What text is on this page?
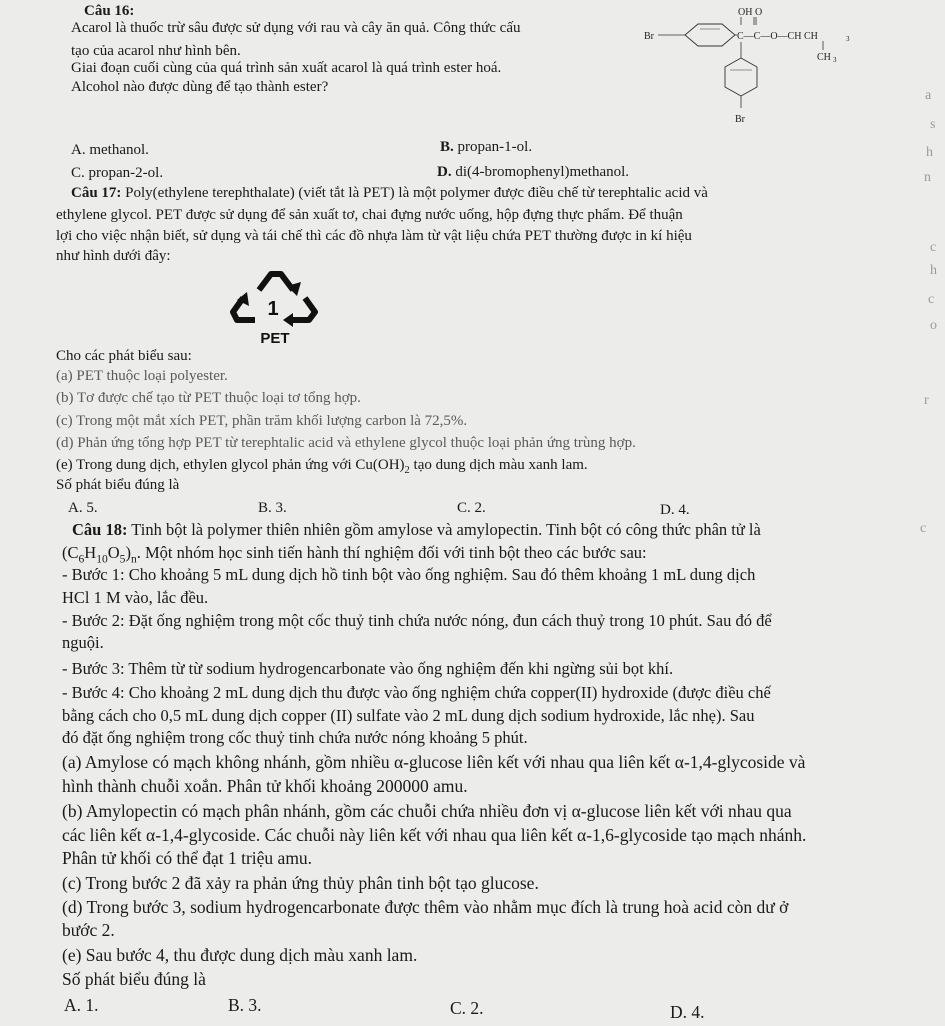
Câu 16:
Acarol là thuốc trừ sâu được sử dụng với rau và cây ăn quả. Công thức cấu
tạo của acarol như hình bên.
Giai đoạn cuối cùng của quá trình sản xuất acarol là quá trình ester hoá.
Alcohol nào được dùng để tạo thành ester?
OH O
Br	C—C—O—CH CH	3
CH 3
Br
A. methanol.	B. propan-1-ol.
C. propan-2-ol.	D. di(4-bromophenyl)methanol.
Câu 17: Poly(ethylene terephthalate) (viết tắt là PET) là một polymer được điều chế từ terephtalic acid và
ethylene glycol. PET được sử dụng để sản xuất tơ, chai đựng nước uống, hộp đựng thực phẩm. Để thuận
lợi cho việc nhận biết, sử dụng và tái chế thì các đồ nhựa làm từ vật liệu chứa PET thường được in kí hiệu
như hình dưới đây:
1
PET
Cho các phát biểu sau:
(a) PET thuộc loại polyester.
(b) Tơ được chế tạo từ PET thuộc loại tơ tổng hợp.
(c) Trong một mắt xích PET, phần trăm khối lượng carbon là 72,5%.
(d) Phản ứng tổng hợp PET từ terephtalic acid và ethylene glycol thuộc loại phản ứng trùng hợp.
(e) Trong dung dịch, ethylen glycol phản ứng với $Cu(OH)_2$ tạo dung dịch màu xanh lam.
Số phát biểu đúng là
A. 5.	B. 3.	C. 2.	D. 4.
Câu 18: Tinh bột là polymer thiên nhiên gồm amylose và amylopectin. Tinh bột có công thức phân tử là
$(C_6H_{10}O_5)_n$. Một nhóm học sinh tiến hành thí nghiệm đối với tinh bột theo các bước sau:
- Bước 1: Cho khoảng 5 mL dung dịch hồ tinh bột vào ống nghiệm. Sau đó thêm khoảng 1 mL dung dịch
HCl 1 M vào, lắc đều.
- Bước 2: Đặt ống nghiệm trong một cốc thuỷ tinh chứa nước nóng, đun cách thuỷ trong 10 phút. Sau đó để
nguội.
- Bước 3: Thêm từ từ sodium hydrogencarbonate vào ống nghiệm đến khi ngừng sủi bọt khí.
- Bước 4: Cho khoảng 2 mL dung dịch thu được vào ống nghiệm chứa copper(II) hydroxide (được điều chế
bằng cách cho 0,5 mL dung dịch copper (II) sulfate vào 2 mL dung dịch sodium hydroxide, lắc nhẹ). Sau
đó đặt ống nghiệm trong cốc thuỷ tinh chứa nước nóng khoảng 5 phút.
(a) Amylose có mạch không nhánh, gồm nhiều α-glucose liên kết với nhau qua liên kết α-1,4-glycoside và
hình thành chuỗi xoắn. Phân tử khối khoảng 200000 amu.
(b) Amylopectin có mạch phân nhánh, gồm các chuỗi chứa nhiều đơn vị α-glucose liên kết với nhau qua
các liên kết α-1,4-glycoside. Các chuỗi này liên kết với nhau qua liên kết α-1,6-glycoside tạo mạch nhánh.
Phân tử khối có thể đạt 1 triệu amu.
(c) Trong bước 2 đã xảy ra phản ứng thủy phân tinh bột tạo glucose.
(d) Trong bước 3, sodium hydrogencarbonate được thêm vào nhằm mục đích là trung hoà acid còn dư ở
bước 2.
(e) Sau bước 4, thu được dung dịch màu xanh lam.
Số phát biểu đúng là
A. 1.	B. 3.	C. 2.	D. 4.
a
s
h
n
c
h
c
o
r
c
